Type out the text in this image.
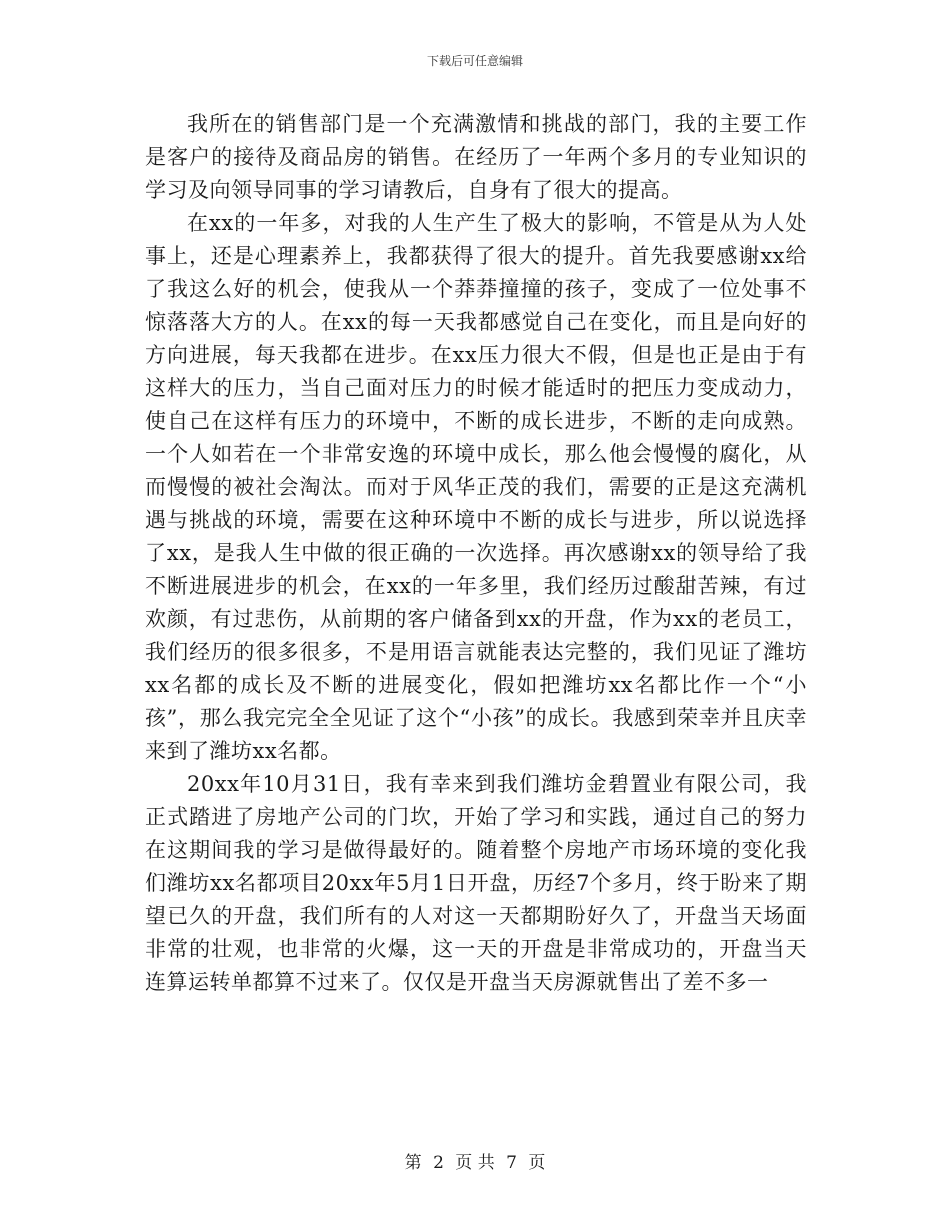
下载后可任意编辑

我所在的销售部门是一个充满激情和挑战的部门，我的主要工作是客户的接待及商品房的销售。在经历了一年两个多月的专业知识的学习及向领导同事的学习请教后，自身有了很大的提高。

在xx的一年多，对我的人生产生了极大的影响，不管是从为人处事上，还是心理素养上，我都获得了很大的提升。首先我要感谢xx给了我这么好的机会，使我从一个莽莽撞撞的孩子，变成了一位处事不惊落落大方的人。在xx的每一天我都感觉自己在变化，而且是向好的方向进展，每天我都在进步。在xx压力很大不假，但是也正是由于有这样大的压力，当自己面对压力的时候才能适时的把压力变成动力，使自己在这样有压力的环境中，不断的成长进步，不断的走向成熟。一个人如若在一个非常安逸的环境中成长，那么他会慢慢的腐化，从而慢慢的被社会淘汰。而对于风华正茂的我们，需要的正是这充满机遇与挑战的环境，需要在这种环境中不断的成长与进步，所以说选择了xx，是我人生中做的很正确的一次选择。再次感谢xx的领导给了我不断进展进步的机会，在xx的一年多里，我们经历过酸甜苦辣，有过欢颜，有过悲伤，从前期的客户储备到xx的开盘，作为xx的老员工，我们经历的很多很多，不是用语言就能表达完整的，我们见证了潍坊xx名都的成长及不断的进展变化，假如把潍坊xx名都比作一个“小孩”，那么我完完全全见证了这个“小孩”的成长。我感到荣幸并且庆幸来到了潍坊xx名都。

20xx年10月31日，我有幸来到我们潍坊金碧置业有限公司，我正式踏进了房地产公司的门坎，开始了学习和实践，通过自己的努力在这期间我的学习是做得最好的。随着整个房地产市场环境的变化我们潍坊xx名都项目20xx年5月1日开盘，历经7个多月，终于盼来了期望已久的开盘，我们所有的人对这一天都期盼好久了，开盘当天场面非常的壮观，也非常的火爆，这一天的开盘是非常成功的，开盘当天连算运转单都算不过来了。仅仅是开盘当天房源就售出了差不多一

第 2 页 共 7 页
